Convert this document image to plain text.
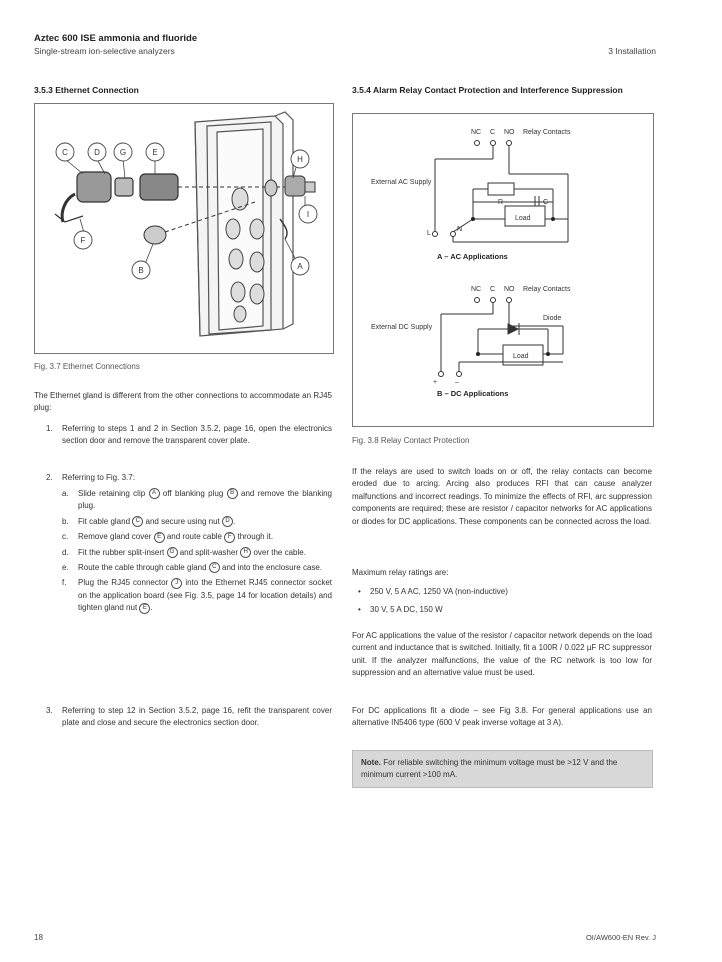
Aztec 600 ISE ammonia and fluoride
Single-stream ion-selective analyzers	3 Installation
3.5.3 Ethernet Connection
C	D G	E
F
B
H
I
A
Fig. 3.7 Ethernet Connections
The Ethernet gland is different from the other connections to accommodate an RJ45 plug:
1. Referring to steps 1 and 2 in Section 3.5.2, page 16, open the electronics section door and remove the transparent cover plate.
2. Referring to Fig. 3.7:
a. Slide retaining clip A off blanking plug B and remove the blanking plug.
b. Fit cable gland C and secure using nut D .
c. Remove gland cover E and route cable F through it.
d. Fit the rubber split-insert G and split-washer H over the cable.
e. Route the cable through cable gland C and into the enclosure case.
f. Plug the RJ45 connector J into the Ethernet RJ45 connector socket on the application board (see Fig. 3.5, page 14 for location details) and tighten gland nut E .
3. Referring to step 12 in Section 3.5.2, page 16, refit the transparent cover plate and close and secure the electronics section door.
3.5.4 Alarm Relay Contact Protection and Interference Suppression
NC C NO Relay Contacts
External AC Supply
R	C
Load
L
N
NC C NO Relay Contacts
External DC Supply
Diode
Load
+	–
A – AC Applications
B – DC Applications
Fig. 3.8 Relay Contact Protection
If the relays are used to switch loads on or off, the relay contacts can become eroded due to arcing. Arcing also produces RFI that can cause analyzer malfunctions and incorrect readings. To minimize the effects of RFI, arc suppression components are required; these are resistor / capacitor networks for AC applications or diodes for DC applications. These components can be connected across the load.
Maximum relay ratings are:
• 250 V, 5 A AC, 1250 VA (non-inductive)
• 30 V, 5 A DC, 150 W
For AC applications the value of the resistor / capacitor network depends on the load current and inductance that is switched. Initially, fit a 100R / 0.022 µF RC suppressor unit. If the analyzer malfunctions, the value of the RC network is too low for suppression and an alternative value must be used.
For DC applications fit a diode – see Fig 3.8. For general applications use an alternative IN5406 type (600 V peak inverse voltage at 3 A).
Note. For reliable switching the minimum voltage must be >12 V and the minimum current >100 mA.
18	OI/AW600-EN Rev. J
